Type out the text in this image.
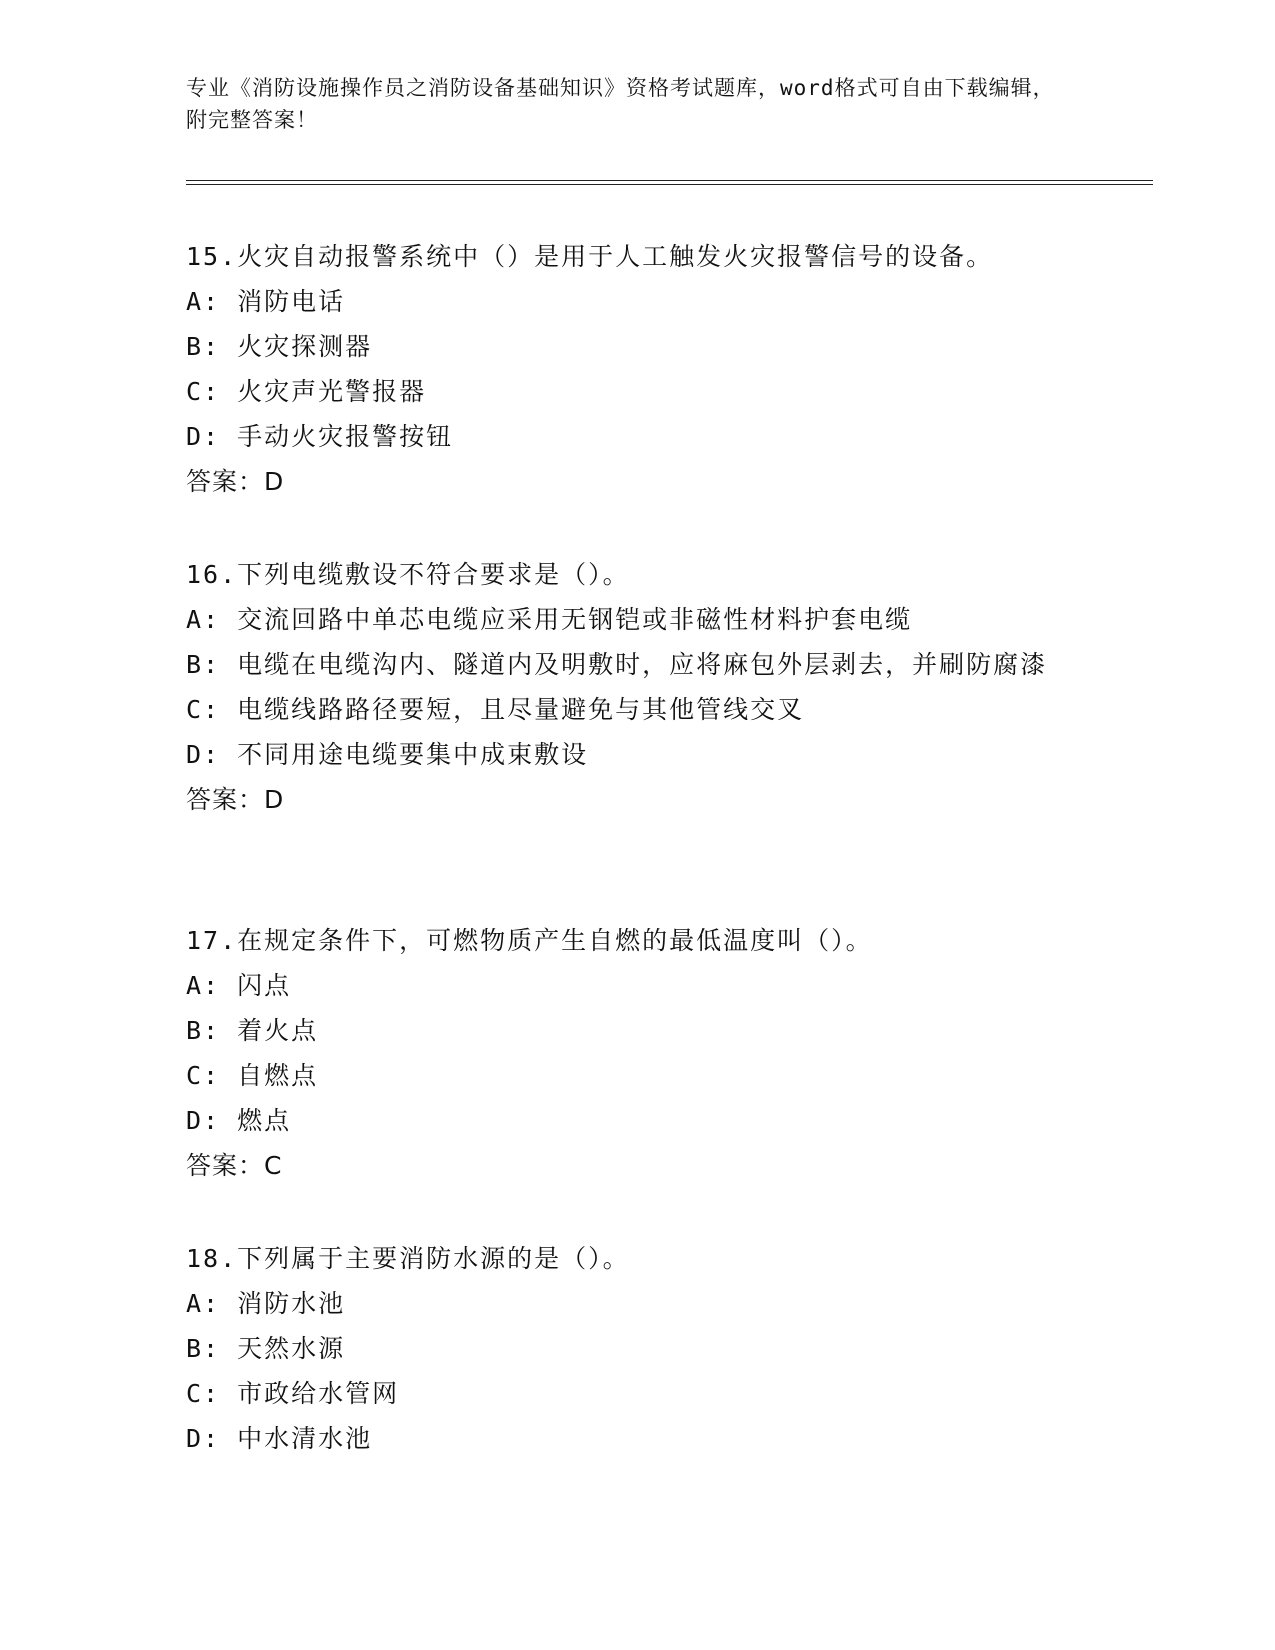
专业《消防设施操作员之消防设备基础知识》资格考试题库，word格式可自由下载编辑，附完整答案！
15.火灾自动报警系统中（）是用于人工触发火灾报警信号的设备。
A: 消防电话
B: 火灾探测器
C: 火灾声光警报器
D: 手动火灾报警按钮
答案：D
16.下列电缆敷设不符合要求是（）。
A: 交流回路中单芯电缆应采用无钢铠或非磁性材料护套电缆
B: 电缆在电缆沟内、隧道内及明敷时，应将麻包外层剥去，并刷防腐漆
C: 电缆线路路径要短，且尽量避免与其他管线交叉
D: 不同用途电缆要集中成束敷设
答案：D
17.在规定条件下，可燃物质产生自燃的最低温度叫（）。
A: 闪点
B: 着火点
C: 自燃点
D: 燃点
答案：C
18.下列属于主要消防水源的是（）。
A: 消防水池
B: 天然水源
C: 市政给水管网
D: 中水清水池
